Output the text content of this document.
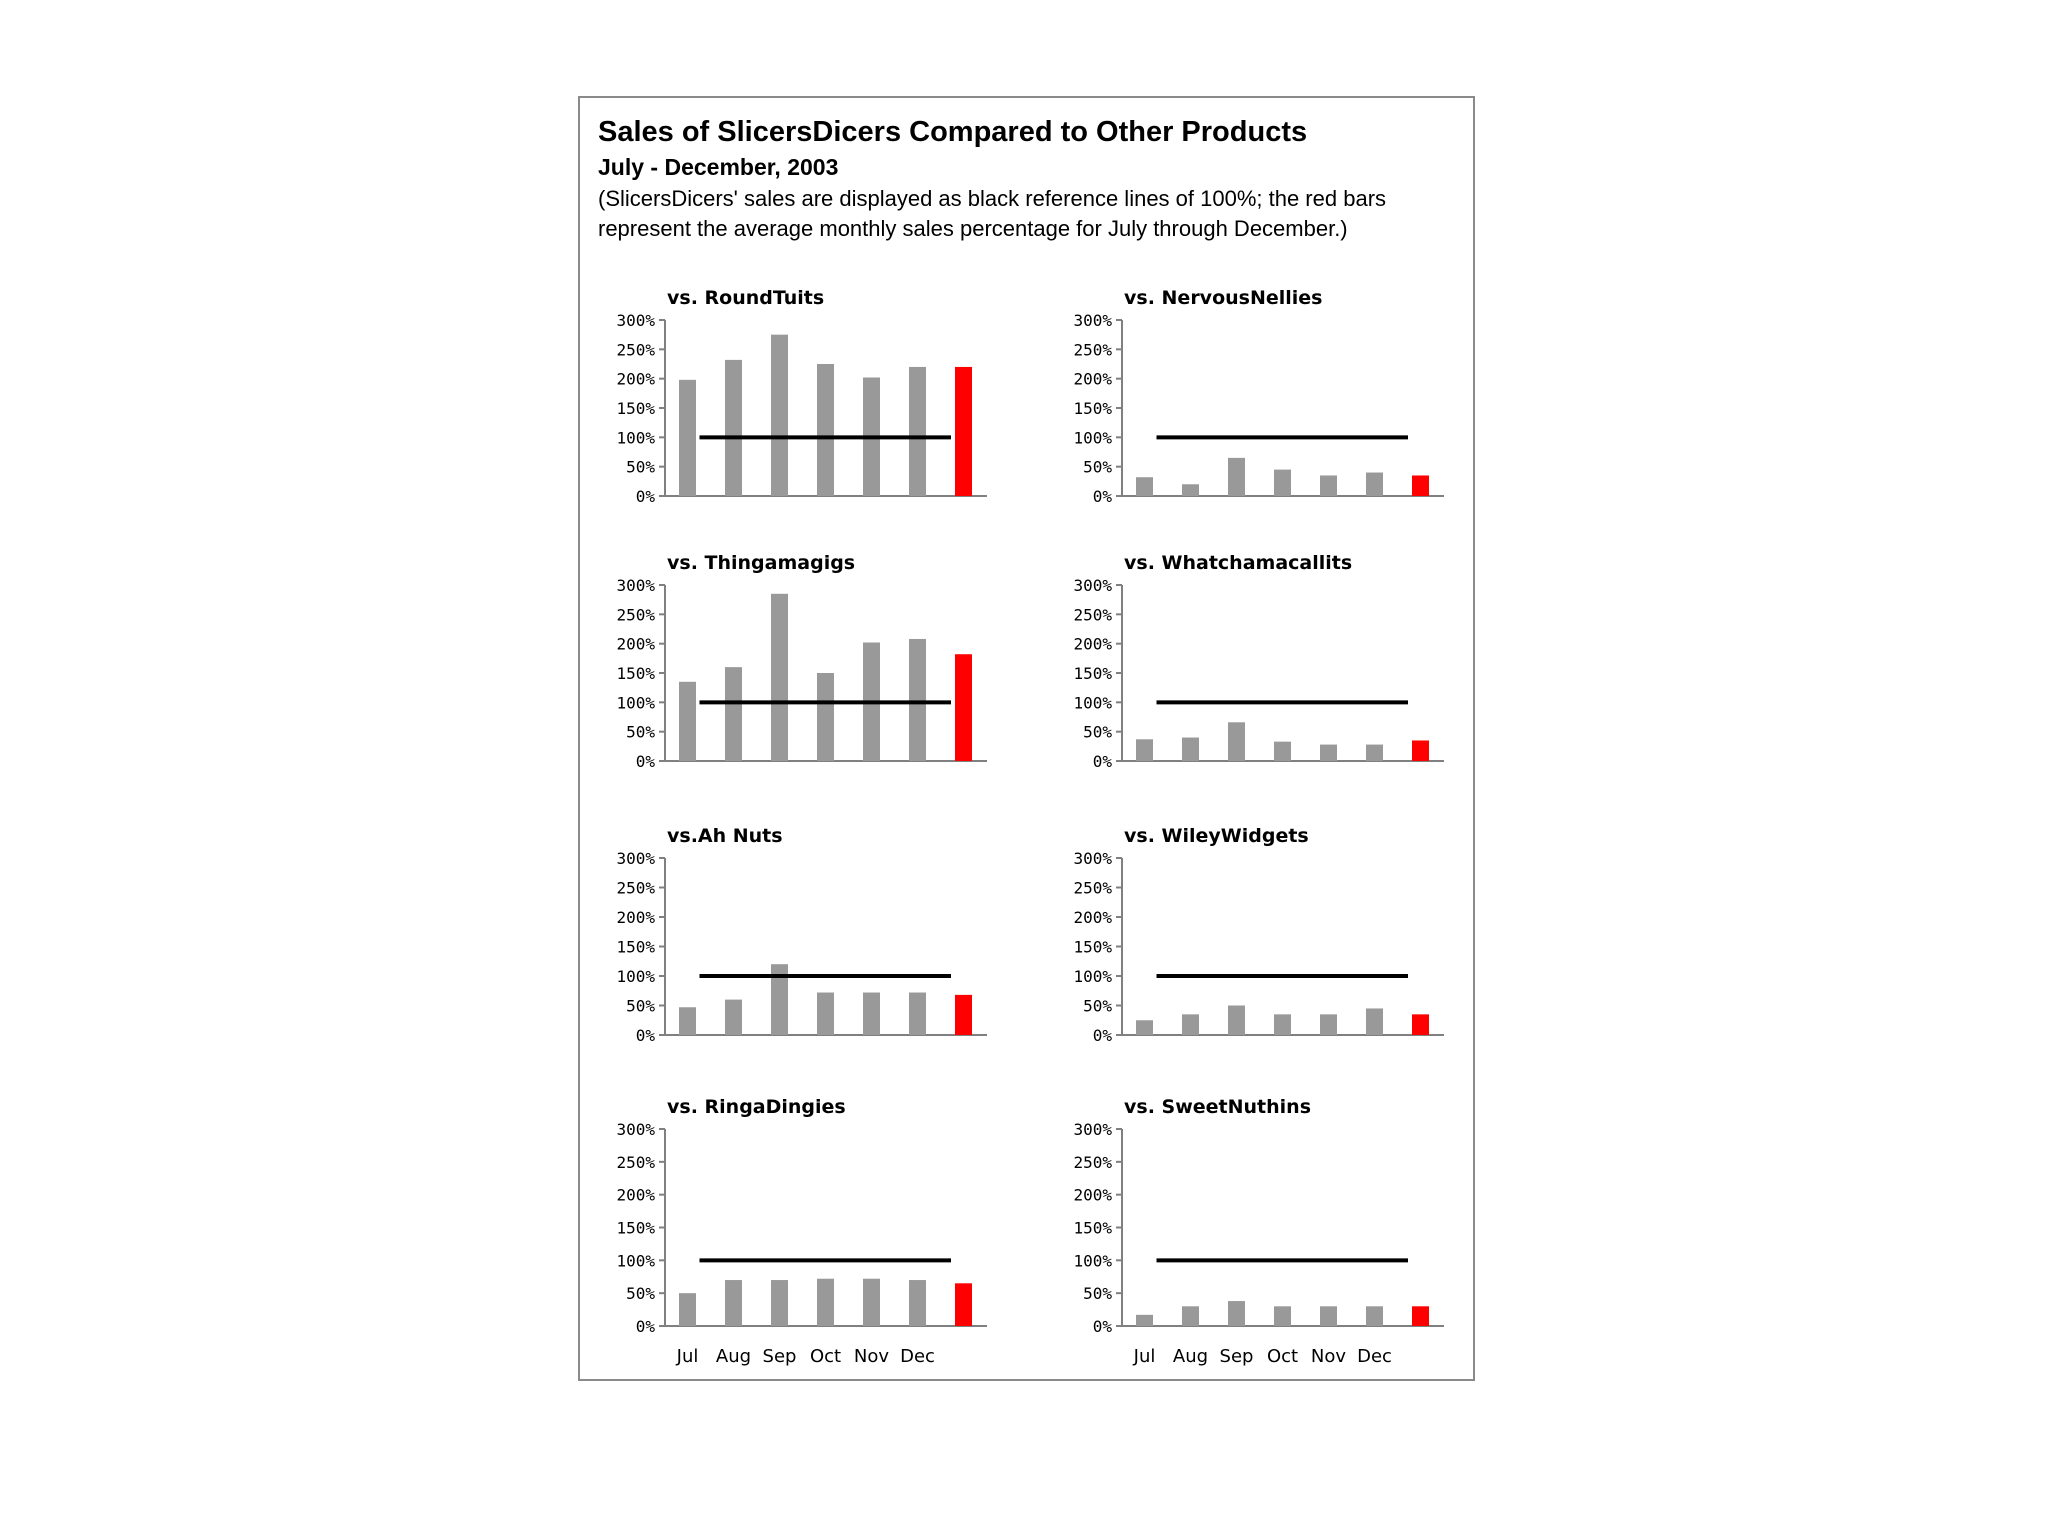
Sales of SlicersDicers Compared to Other Products
July - December, 2003
(SlicersDicers' sales are displayed as black reference lines of 100%; the red bars represent the average monthly sales percentage for July through December.)
vs. RoundTuits
0%
50%
100%
150%
200%
250%
300%
vs. NervousNellies
0%
50%
100%
150%
200%
250%
300%
vs. Thingamagigs
0%
50%
100%
150%
200%
250%
300%
vs. Whatchamacallits
0%
50%
100%
150%
200%
250%
300%
vs.Ah Nuts
0%
50%
100%
150%
200%
250%
300%
vs. WileyWidgets
0%
50%
100%
150%
200%
250%
300%
vs. RingaDingies
0%
50%
100%
150%
200%
250%
300%
Jul Aug Sep Oct Nov Dec
vs. SweetNuthins
0%
50%
100%
150%
200%
250%
300%
Jul Aug Sep Oct Nov Dec
